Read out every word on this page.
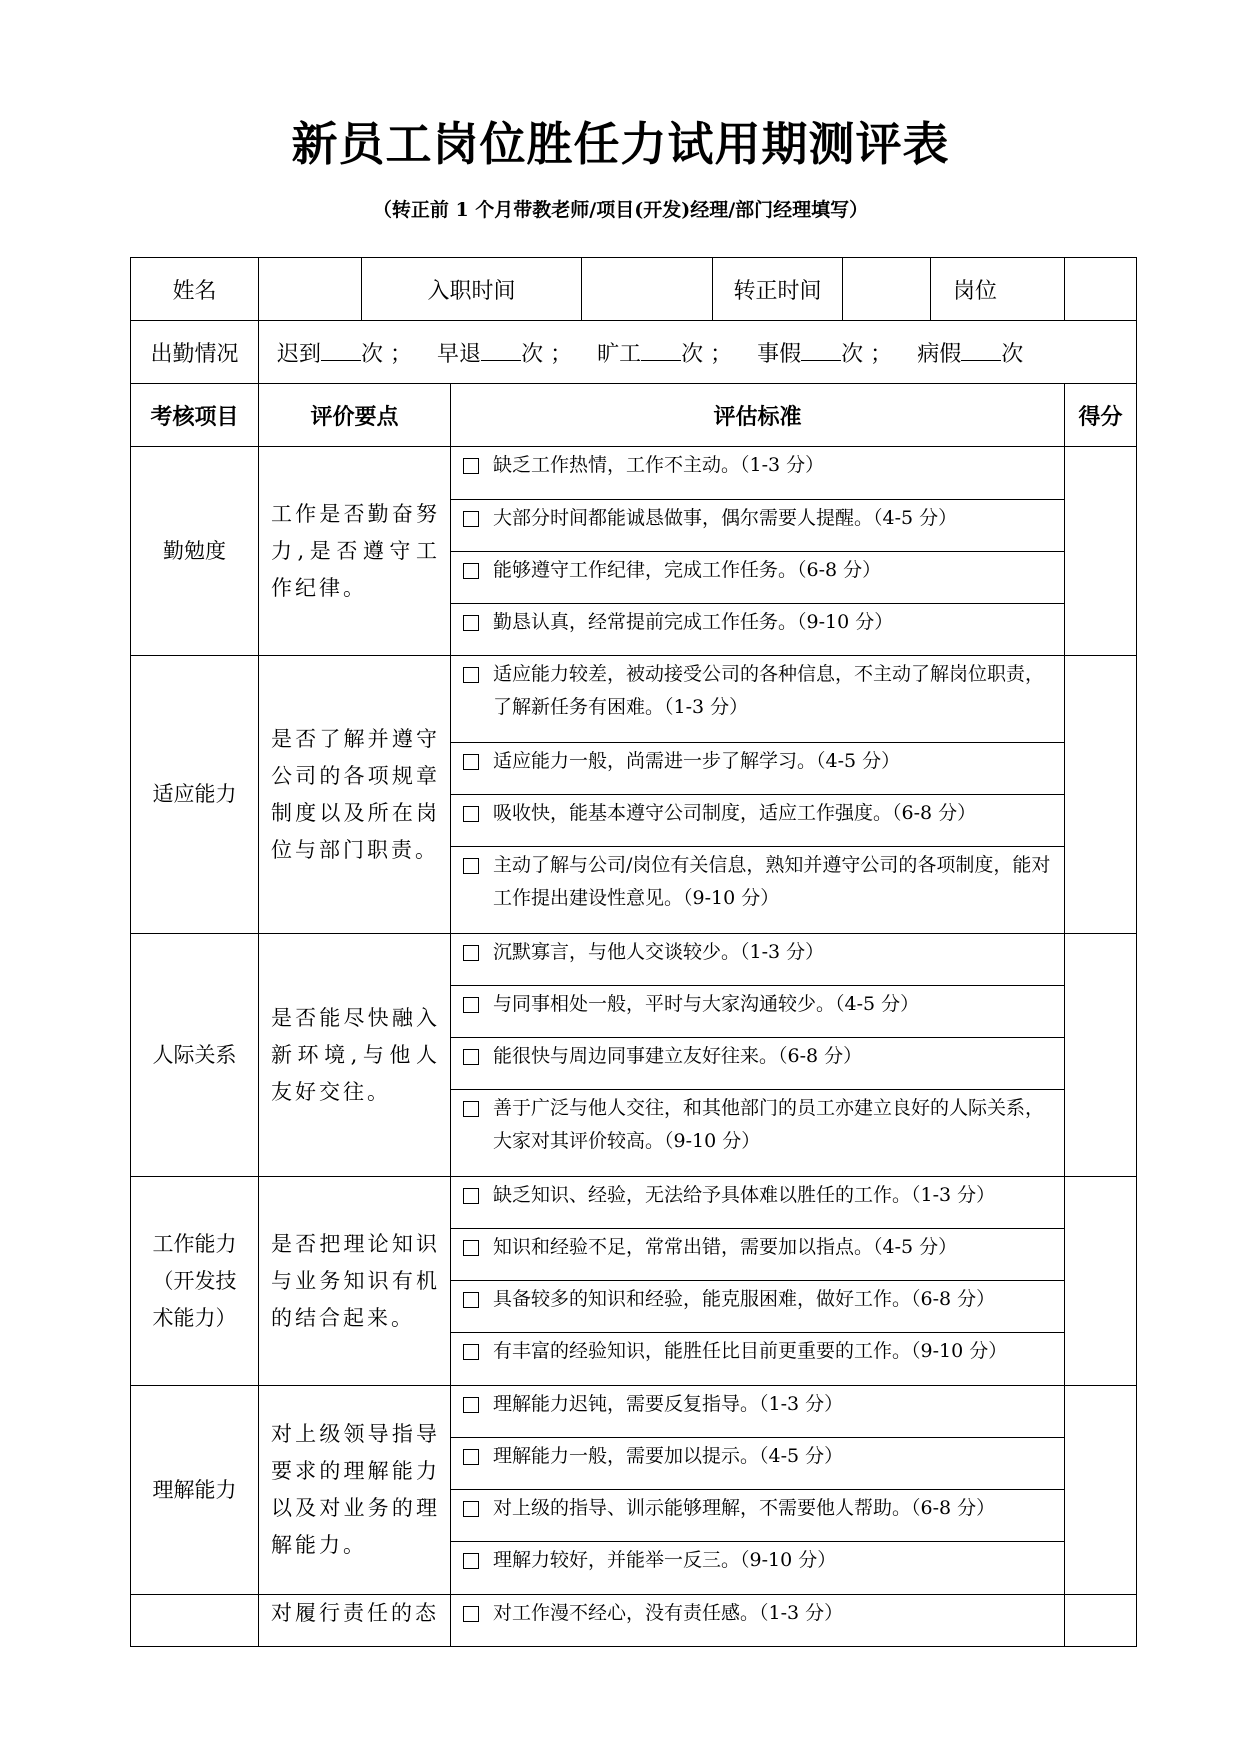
新员工岗位胜任力试用期测评表
（转正前 1 个月带教老师/项目(开发)经理/部门经理填写）
姓名		入职时间			转正时间		岗位	
出勤情况	迟到 次 ； 早退 次 ； 旷工 次 ； 事假 次 ； 病假 次							
考核项目	评价要点		评估标准					得分
勤勉度	工作是否勤奋努力,是否遵守工作纪律。		缺乏工作热情，工作不主动。（1-3 分）					

			大部分时间都能诚恳做事，偶尔需要人提醒。（4-5 分）					

			能够遵守工作纪律，完成工作任务。（6-8 分）					

			勤恳认真，经常提前完成工作任务。（9-10 分）					

适应能力	是否了解并遵守公司的各项规章制度以及所在岗位与部门职责。		适应能力较差，被动接受公司的各种信息，不主动了解岗位职责，了解新任务有困难。（1-3 分）					

			适应能力一般，尚需进一步了解学习。（4-5 分）					

			吸收快，能基本遵守公司制度，适应工作强度。（6-8 分）					

			主动了解与公司/岗位有关信息，熟知并遵守公司的各项制度，能对工作提出建设性意见。（9-10 分）					

人际关系	是否能尽快融入新环境,与他人友好交往。		沉默寡言，与他人交谈较少。（1-3 分）					

			与同事相处一般，平时与大家沟通较少。（4-5 分）					

			能很快与周边同事建立友好往来。（6-8 分）					

			善于广泛与他人交往，和其他部门的员工亦建立良好的人际关系，大家对其评价较高。（9-10 分）					

工作能力（开发技术能力）	是否把理论知识与业务知识有机的结合起来。		缺乏知识、经验，无法给予具体难以胜任的工作。（1-3 分）					

			知识和经验不足，常常出错，需要加以指点。（4-5 分）					

			具备较多的知识和经验，能克服困难，做好工作。（6-8 分）					

			有丰富的经验知识，能胜任比目前更重要的工作。（9-10 分）					

理解能力	对上级领导指导要求的理解能力以及对业务的理解能力。		理解能力迟钝，需要反复指导。（1-3 分）					

			理解能力一般，需要加以提示。（4-5 分）					

			对上级的指导、训示能够理解，不需要他人帮助。（6-8 分）					

			理解力较好，并能举一反三。（9-10 分）					

	对履行责任的态		对工作漫不经心，没有责任感。（1-3 分）					
